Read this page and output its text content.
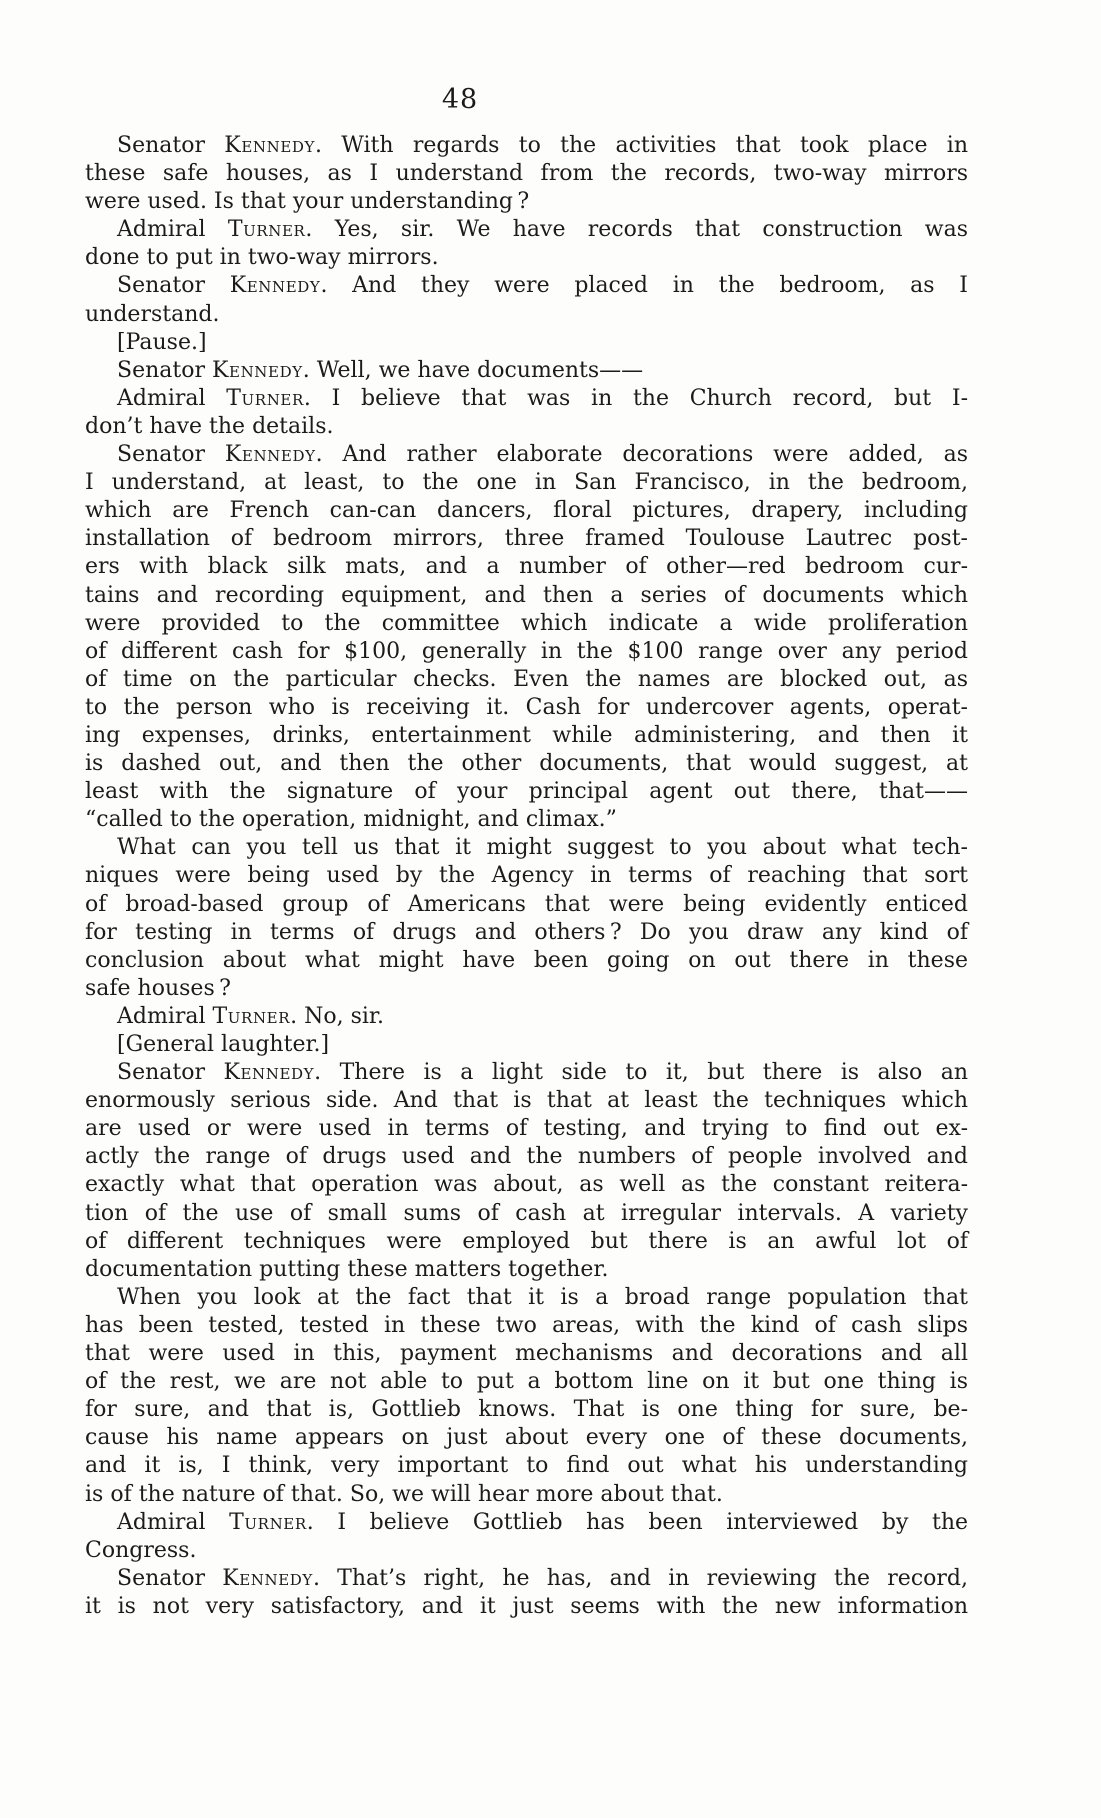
48
Senator Kennedy. With regards to the activities that took place in
these safe houses, as I understand from the records, two-way mirrors
were used. Is that your understanding ?
Admiral Turner. Yes, sir. We have records that construction was
done to put in two-way mirrors.
Senator Kennedy. And they were placed in the bedroom, as I
understand.
[Pause.]
Senator Kennedy. Well, we have documents——
Admiral Turner. I believe that was in the Church record, but I-
don’t have the details.
Senator Kennedy. And rather elaborate decorations were added, as
I understand, at least, to the one in San Francisco, in the bedroom,
which are French can-can dancers, floral pictures, drapery, including
installation of bedroom mirrors, three framed Toulouse Lautrec post-
ers with black silk mats, and a number of other—red bedroom cur-
tains and recording equipment, and then a series of documents which
were provided to the committee which indicate a wide proliferation
of different cash for $100, generally in the $100 range over any period
of time on the particular checks. Even the names are blocked out, as
to the person who is receiving it. Cash for undercover agents, operat-
ing expenses, drinks, entertainment while administering, and then it
is dashed out, and then the other documents, that would suggest, at
least with the signature of your principal agent out there, that——
“called to the operation, midnight, and climax.”
What can you tell us that it might suggest to you about what tech-
niques were being used by the Agency in terms of reaching that sort
of broad-based group of Americans that were being evidently enticed
for testing in terms of drugs and others ? Do you draw any kind of
conclusion about what might have been going on out there in these
safe houses ?
Admiral Turner. No, sir.
[General laughter.]
Senator Kennedy. There is a light side to it, but there is also an
enormously serious side. And that is that at least the techniques which
are used or were used in terms of testing, and trying to find out ex-
actly the range of drugs used and the numbers of people involved and
exactly what that operation was about, as well as the constant reitera-
tion of the use of small sums of cash at irregular intervals. A variety
of different techniques were employed but there is an awful lot of
documentation putting these matters together.
When you look at the fact that it is a broad range population that
has been tested, tested in these two areas, with the kind of cash slips
that were used in this, payment mechanisms and decorations and all
of the rest, we are not able to put a bottom line on it but one thing is
for sure, and that is, Gottlieb knows. That is one thing for sure, be-
cause his name appears on just about every one of these documents,
and it is, I think, very important to find out what his understanding
is of the nature of that. So, we will hear more about that.
Admiral Turner. I believe Gottlieb has been interviewed by the
Congress.
Senator Kennedy. That’s right, he has, and in reviewing the record,
it is not very satisfactory, and it just seems with the new information
